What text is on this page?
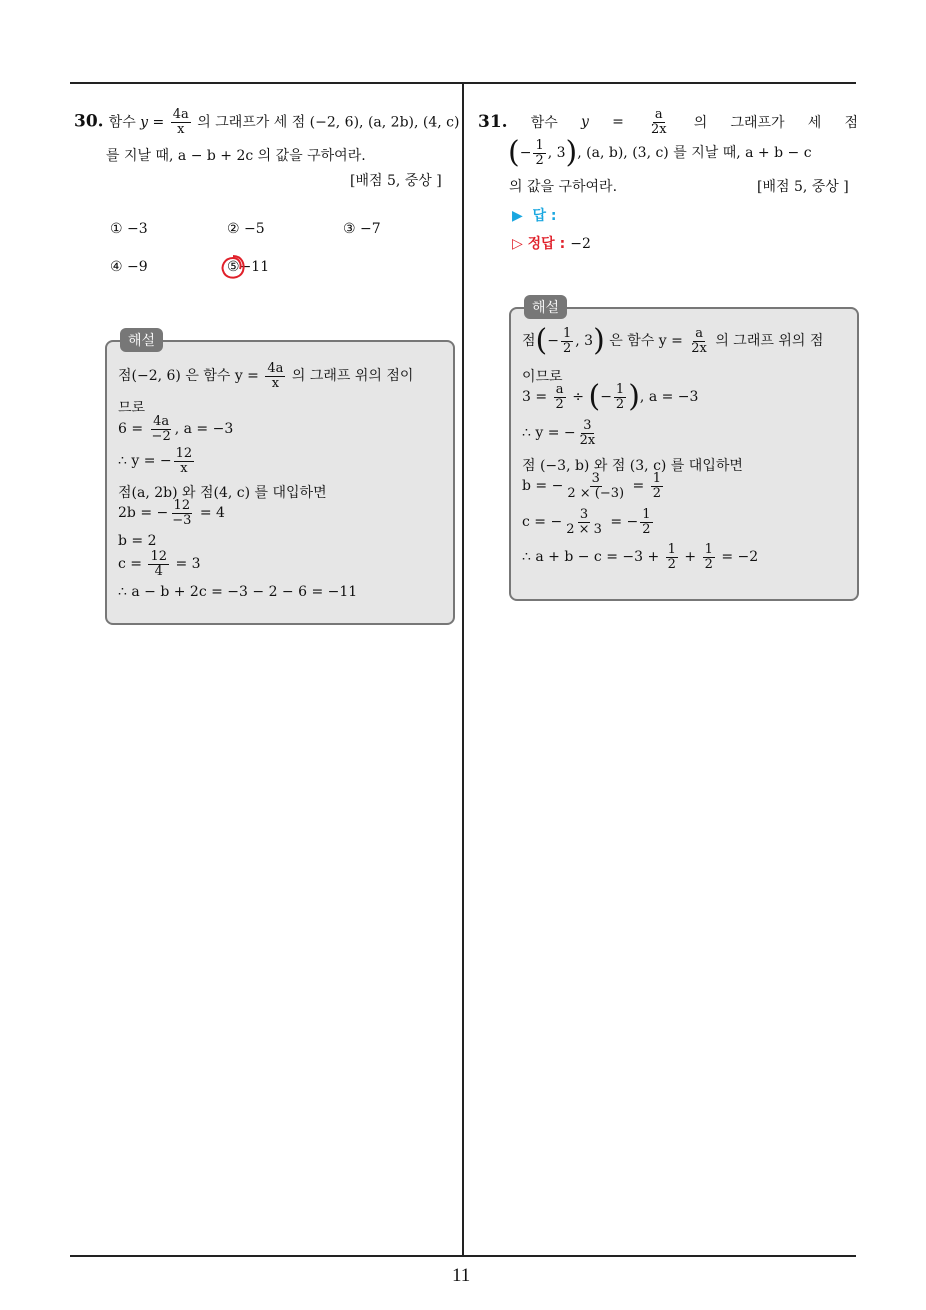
11
30. 함수 $y = \frac{4a}{x}$ 의 그래프가 세 점 (−2, 6), (a, 2b), (4, c)
를 지날 때, a − b + 2c 의 값을 구하여라.
[배점 5, 중상 ]
① −3	② −5	③ −7
④ −9	⑤−11
해설
점(−2, 6) 은 함수 $y = \frac{4a}{x}$ 의 그래프 위의 점이
므로
$6 = \frac{4a}{-2}$ , a = −3
∴ y = − $\frac{12}{x}$
점(a, 2b) 와 점(4, c) 를 대입하면
2b = − $\frac{12}{-3} = 4$
b = 2
$c = \frac{12}{4} = 3$
∴ a − b + 2c = −3 − 2 − 6 = −11
31. 함수 $y = \frac{a}{2x}$ 의 그래프가 세 점
(− $\frac{1}{2}$ , 3), (a, b), (3, c) 를 지날 때, a + b − c
의 값을 구하여라.	[배점 5, 중상 ]
▶  답 :
▷ 정답 : −2
해설
점(− $\frac{1}{2}$ , 3) 은 함수 $y = \frac{a}{2x}$ 의 그래프 위의 점
이므로
$3 = \frac{a}{2}$ ÷ (− $\frac{1}{2}$ ), a = −3
∴ y = − $\frac{3}{2x}$
점 (−3, b) 와 점 (3, c) 를 대입하면
b = − $\frac{3}{2 \times (-3)} = \frac{1}{2}$
c = − $\frac{3}{2 \times 3}$ = − $\frac{1}{2}$
∴ $a + b - c = -3 + \frac{1}{2} + \frac{1}{2} = -2$
